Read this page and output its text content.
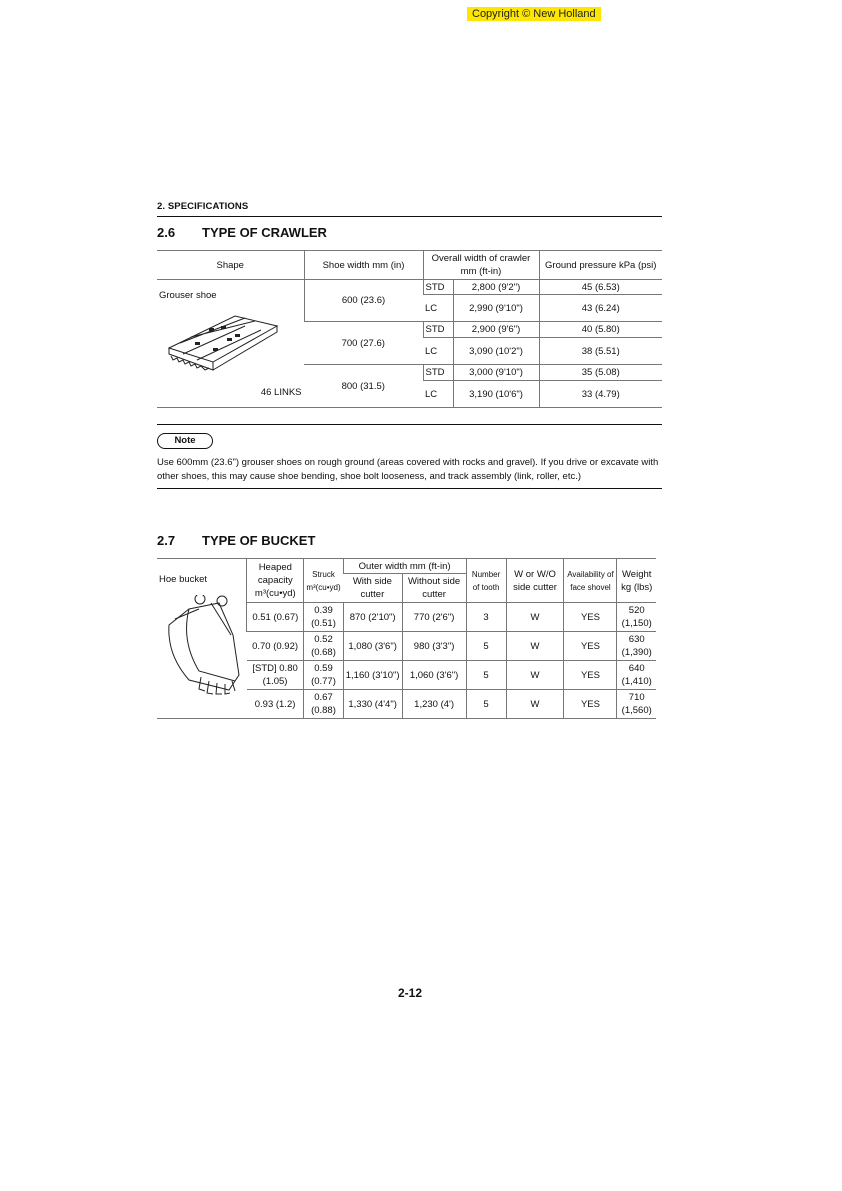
Copyright © New Holland
2. SPECIFICATIONS
2.6 TYPE OF CRAWLER
Shape	Shoe width mm (in)	Overall width of crawler mm (ft-in)		Ground pressure kPa (psi)

Grouser shoe
46 LINKS	600 (23.6)	STD	2,800 (9'2")	45 (6.53)
		LC	2,990 (9'10")	43 (6.24)
	700 (27.6)	STD	2,900 (9'6")	40 (5.80)
		LC	3,090 (10'2")	38 (5.51)
	800 (31.5)	STD	3,000 (9'10")	35 (5.08)
		LC	3,190 (10'6")	33 (4.79)
Note
Use 600mm (23.6") grouser shoes on rough ground (areas covered with rocks and gravel). If you drive or excavate with other shoes, this may cause shoe bending, shoe bolt looseness, and track assembly (link, roller, etc.)
2.7 TYPE OF BUCKET
Hoe bucket	Heaped capacity m³(cu•yd)	Struck m³(cu•yd)	Outer width mm (ft-in)		Number of tooth	W or W/O side cutter	Availability of face shovel	Weight kg (lbs)
			With side cutter	Without side cutter				

	0.51 (0.67)	0.39 (0.51)	870 (2'10")	770 (2'6")	3	W	YES	520 (1,150)
	0.70 (0.92)	0.52 (0.68)	1,080 (3'6")	980 (3'3")	5	W	YES	630 (1,390)
	[STD] 0.80 (1.05)	0.59 (0.77)	1,160 (3'10")	1,060 (3'6")	5	W	YES	640 (1,410)
	0.93 (1.2)	0.67 (0.88)	1,330 (4'4")	1,230 (4')	5	W	YES	710 (1,560)
2-12
